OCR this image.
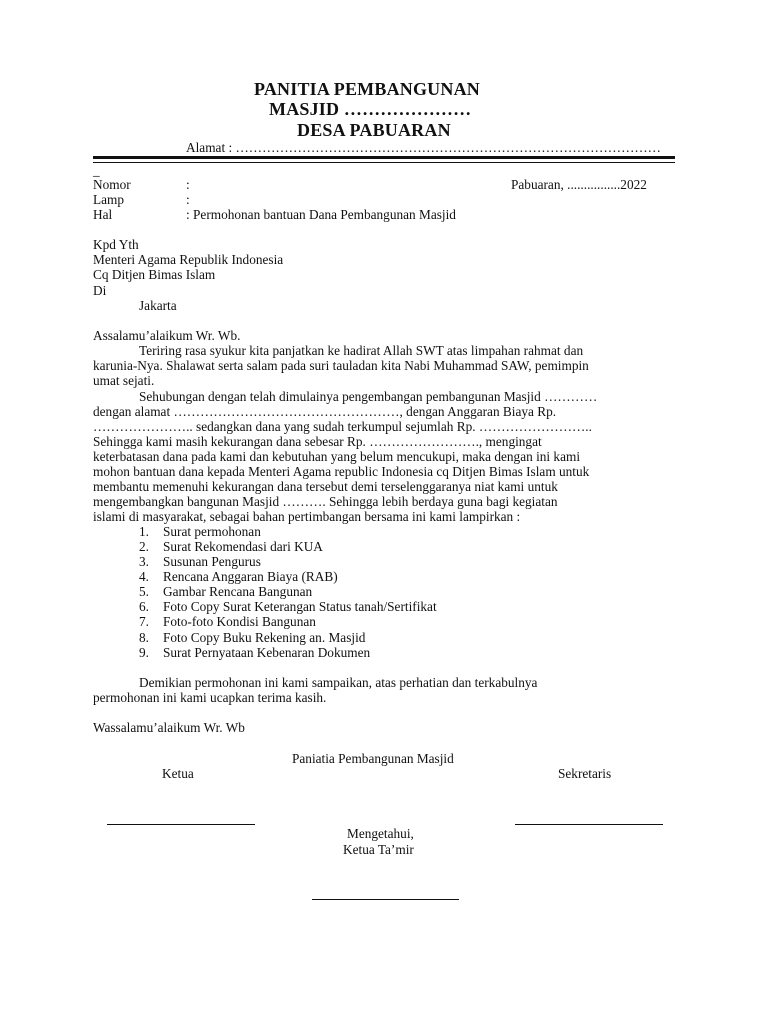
PANITIA PEMBANGUNAN
MASJID …………………
DESA PABUARAN
Alamat : ……………………………………………………………………………………
_
Nomor	:	Pabuaran, ................2022
Lamp	:
Hal	: Permohonan bantuan Dana Pembangunan Masjid
Kpd Yth
Menteri Agama Republik Indonesia
Cq Ditjen Bimas Islam
Di
Jakarta
Assalamu’alaikum Wr. Wb.
Teriring rasa syukur kita panjatkan ke hadirat Allah SWT atas limpahan rahmat dan
karunia-Nya. Shalawat serta salam pada suri tauladan kita Nabi Muhammad SAW, pemimpin
umat sejati.
Sehubungan dengan telah dimulainya pengembangan pembangunan Masjid …………
dengan alamat ……………………………………………, dengan Anggaran Biaya Rp.
………………….. sedangkan dana yang sudah terkumpul sejumlah Rp. ……………………..
Sehingga kami masih kekurangan dana sebesar Rp. ……………………., mengingat
keterbatasan dana pada kami dan kebutuhan yang belum mencukupi, maka dengan ini kami
mohon bantuan dana kepada Menteri Agama republic Indonesia cq Ditjen Bimas Islam untuk
membantu memenuhi kekurangan dana tersebut demi terselenggaranya niat kami untuk
mengembangkan bangunan Masjid ………. Sehingga lebih berdaya guna bagi kegiatan
islami di masyarakat, sebagai bahan pertimbangan bersama ini kami lampirkan :
1. Surat permohonan
2. Surat Rekomendasi dari KUA
3. Susunan Pengurus
4. Rencana Anggaran Biaya (RAB)
5. Gambar Rencana Bangunan
6. Foto Copy Surat Keterangan Status tanah/Sertifikat
7. Foto-foto Kondisi Bangunan
8. Foto Copy Buku Rekening an. Masjid
9. Surat Pernyataan Kebenaran Dokumen
Demikian permohonan ini kami sampaikan, atas perhatian dan terkabulnya
permohonan ini kami ucapkan terima kasih.
Wassalamu’alaikum Wr. Wb
Paniatia Pembangunan Masjid
Ketua	Sekretaris
Mengetahui,
Ketua Ta’mir
